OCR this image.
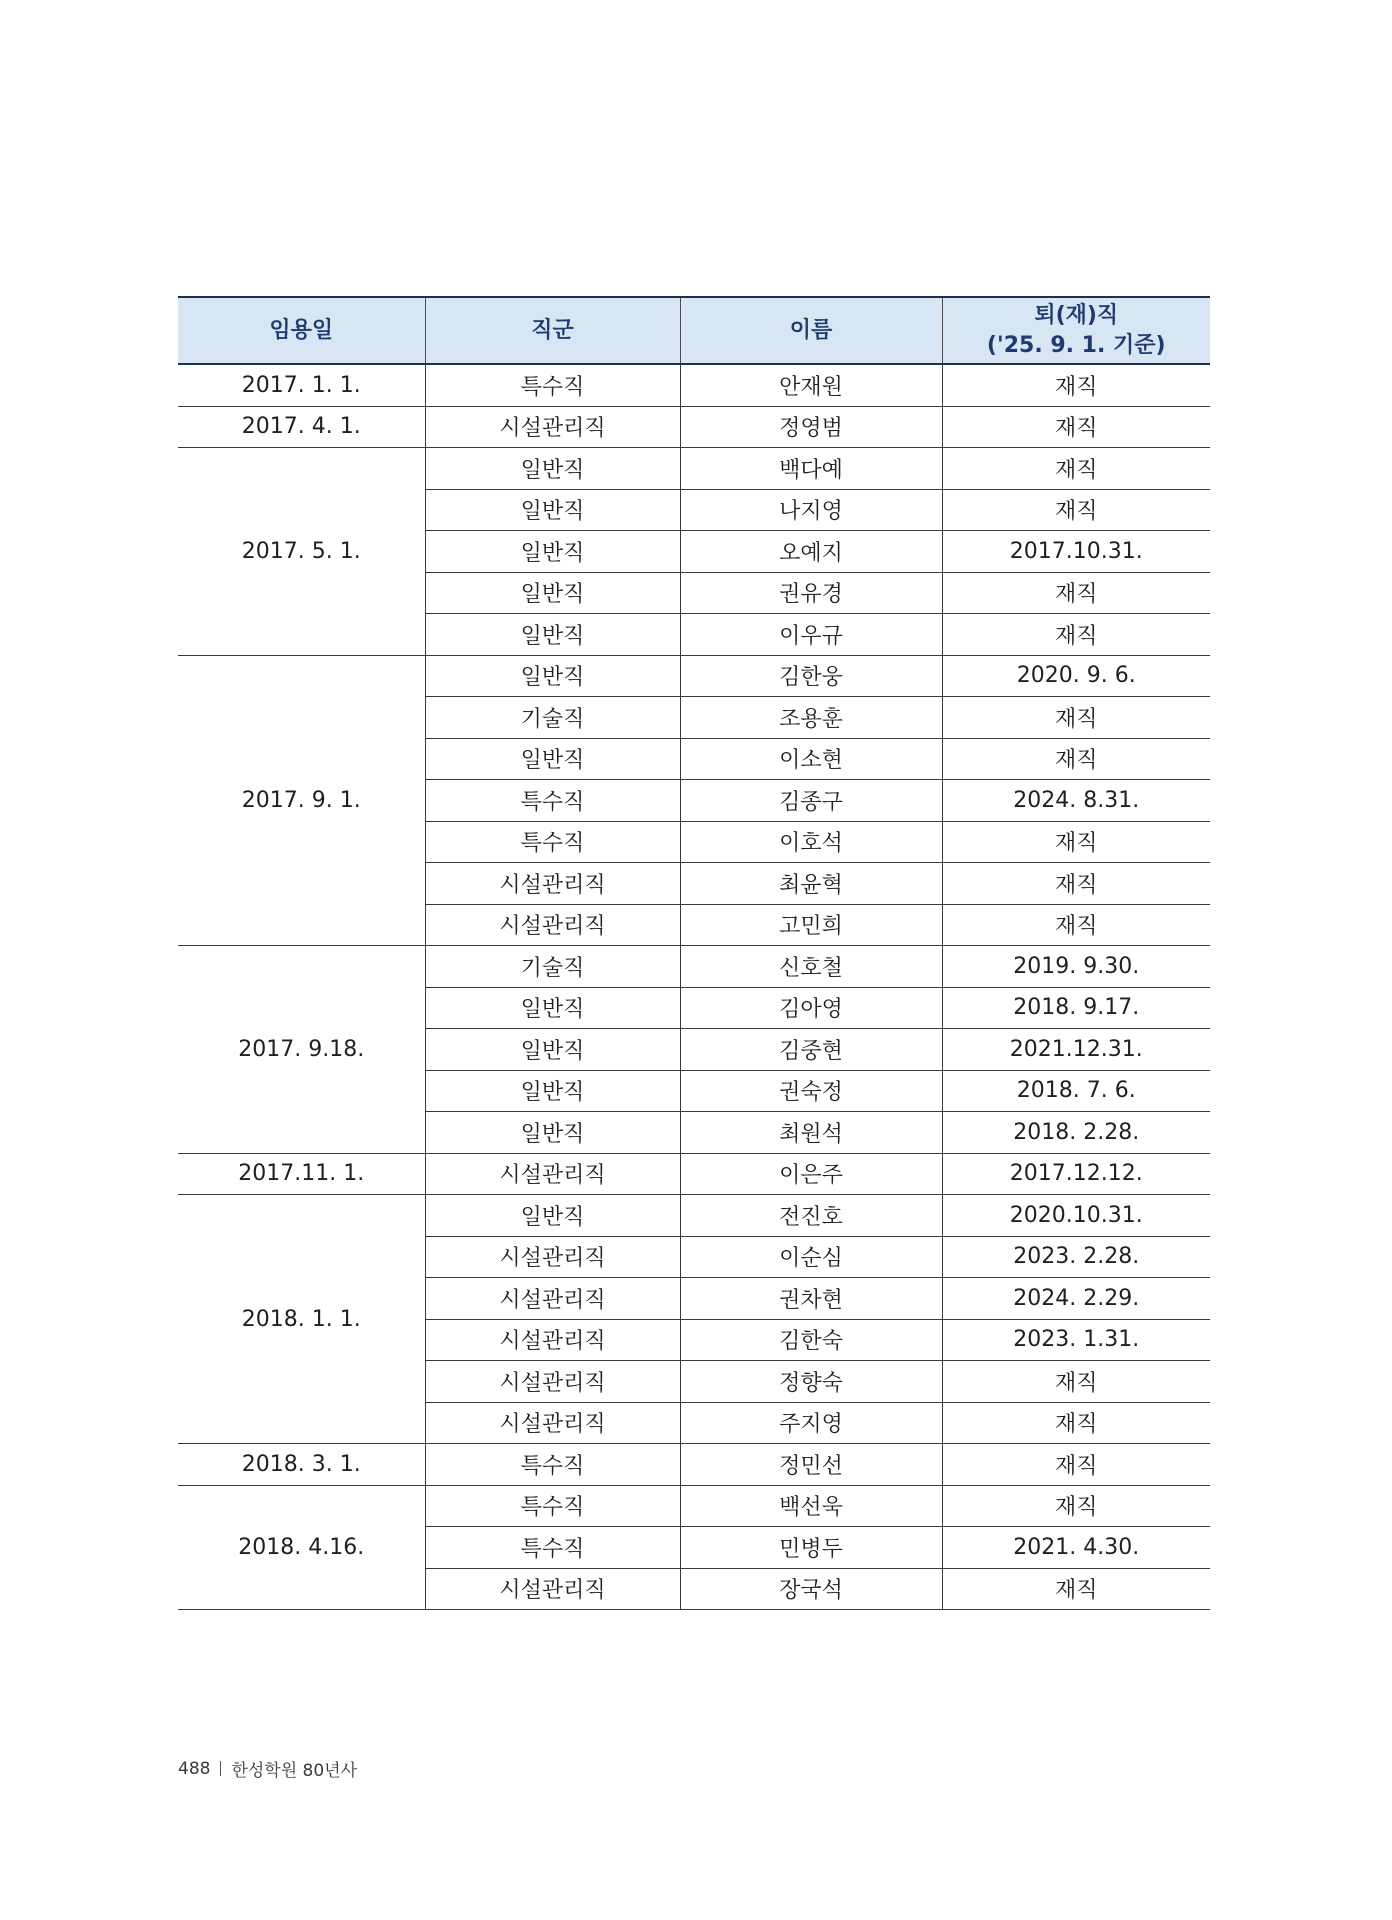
임용일	직군	이름	퇴(재)직
('25. 9. 1. 기준)

2017. 1. 1.	특수직	안재원	재직
2017. 4. 1.	시설관리직	정영범	재직
2017. 5. 1.	일반직	백다예	재직
	일반직	나지영	재직
	일반직	오예지	2017.10.31.
	일반직	권유경	재직
	일반직	이우규	재직
2017. 9. 1.	일반직	김한웅	2020. 9. 6.
	기술직	조용훈	재직
	일반직	이소현	재직
	특수직	김종구	2024. 8.31.
	특수직	이호석	재직
	시설관리직	최윤혁	재직
	시설관리직	고민희	재직
2017. 9.18.	기술직	신호철	2019. 9.30.
	일반직	김아영	2018. 9.17.
	일반직	김중현	2021.12.31.
	일반직	권숙정	2018. 7. 6.
	일반직	최원석	2018. 2.28.
2017.11. 1.	시설관리직	이은주	2017.12.12.
2018. 1. 1.	일반직	전진호	2020.10.31.
	시설관리직	이순심	2023. 2.28.
	시설관리직	권차현	2024. 2.29.
	시설관리직	김한숙	2023. 1.31.
	시설관리직	정향숙	재직
	시설관리직	주지영	재직
2018. 3. 1.	특수직	정민선	재직
2018. 4.16.	특수직	백선욱	재직
	특수직	민병두	2021. 4.30.
	시설관리직	장국석	재직
488 한성학원 80년사
